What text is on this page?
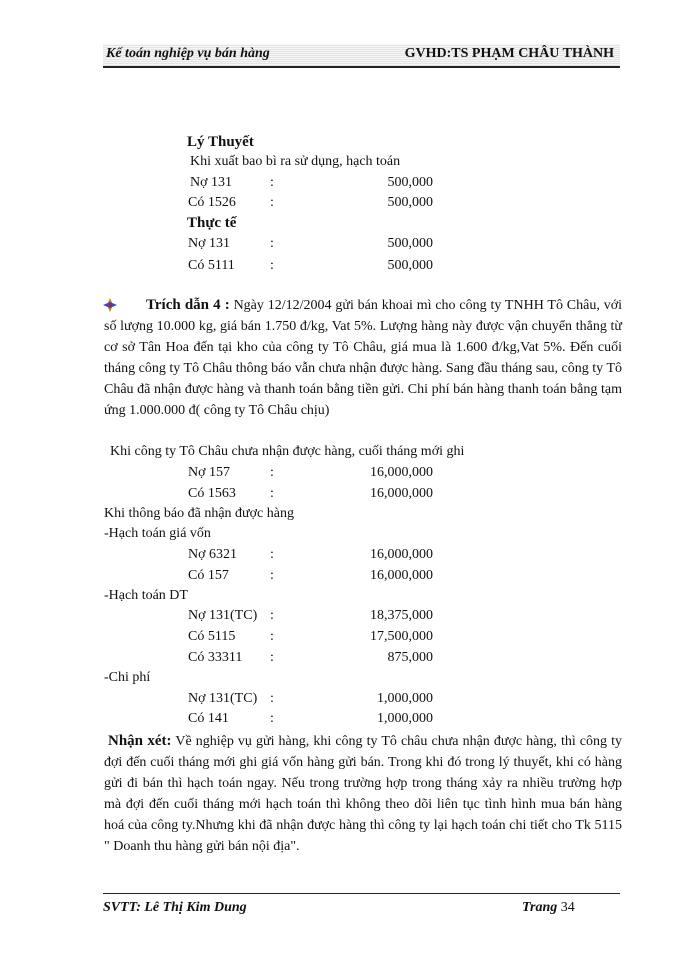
Kế toán nghiệp vụ bán hàng	GVHD:TS PHẠM CHÂU THÀNH
Lý Thuyết
Khi xuất bao bì ra sử dụng, hạch toán
Nợ 131	:	500,000
Có 1526 :	500,000
Thực tế
Nợ 131	:	500,000
Có 5111	:	500,000
Trích dẫn 4 : Ngày 12/12/2004 gửi bán khoai mì cho công ty TNHH Tô Châu, với số lượng 10.000 kg, giá bán 1.750 đ/kg, Vat 5%. Lượng hàng này được vận chuyển thẳng từ cơ sở Tân Hoa đến tại kho của công ty Tô Châu, giá mua là 1.600 đ/kg,Vat 5%. Đến cuối tháng công ty Tô Châu thông báo vẫn chưa nhận được hàng. Sang đầu tháng sau, công ty Tô Châu đã nhận được hàng và thanh toán bằng tiền gửi. Chi phí bán hàng thanh toán bằng tạm ứng 1.000.000 đ( công ty Tô Châu chịu)
Khi công ty Tô Châu chưa nhận được hàng, cuối tháng mới ghi
Nợ 157	:	16,000,000
Có 1563 :	16,000,000
Khi thông báo đã nhận được hàng
-Hạch toán giá vốn
Nợ 6321 :	16,000,000
Có 157	:	16,000,000
-Hạch toán DT
Nợ 131(TC) :	18,375,000
Có 5115 :	17,500,000
Có 33311 :	875,000
-Chi phí
Nợ 131(TC) :	1,000,000
Có 141	:	1,000,000
Nhận xét: Về nghiệp vụ gửi hàng, khi công ty Tô châu chưa nhận được hàng, thì công ty đợi đến cuối tháng mới ghi giá vốn hàng gửi bán. Trong khi đó trong lý thuyết, khi có hàng gửi đi bán thì hạch toán ngay. Nếu trong trường hợp trong tháng xảy ra nhiều trường hợp mà đợi đến cuối tháng mới hạch toán thì không theo dõi liên tục tình hình mua bán hàng hoá của công ty.Nhưng khi đã nhận được hàng thì công ty lại hạch toán chi tiết cho Tk 5115 " Doanh thu hàng gửi bán nội địa".
SVTT: Lê Thị Kim Dung	Trang 34
